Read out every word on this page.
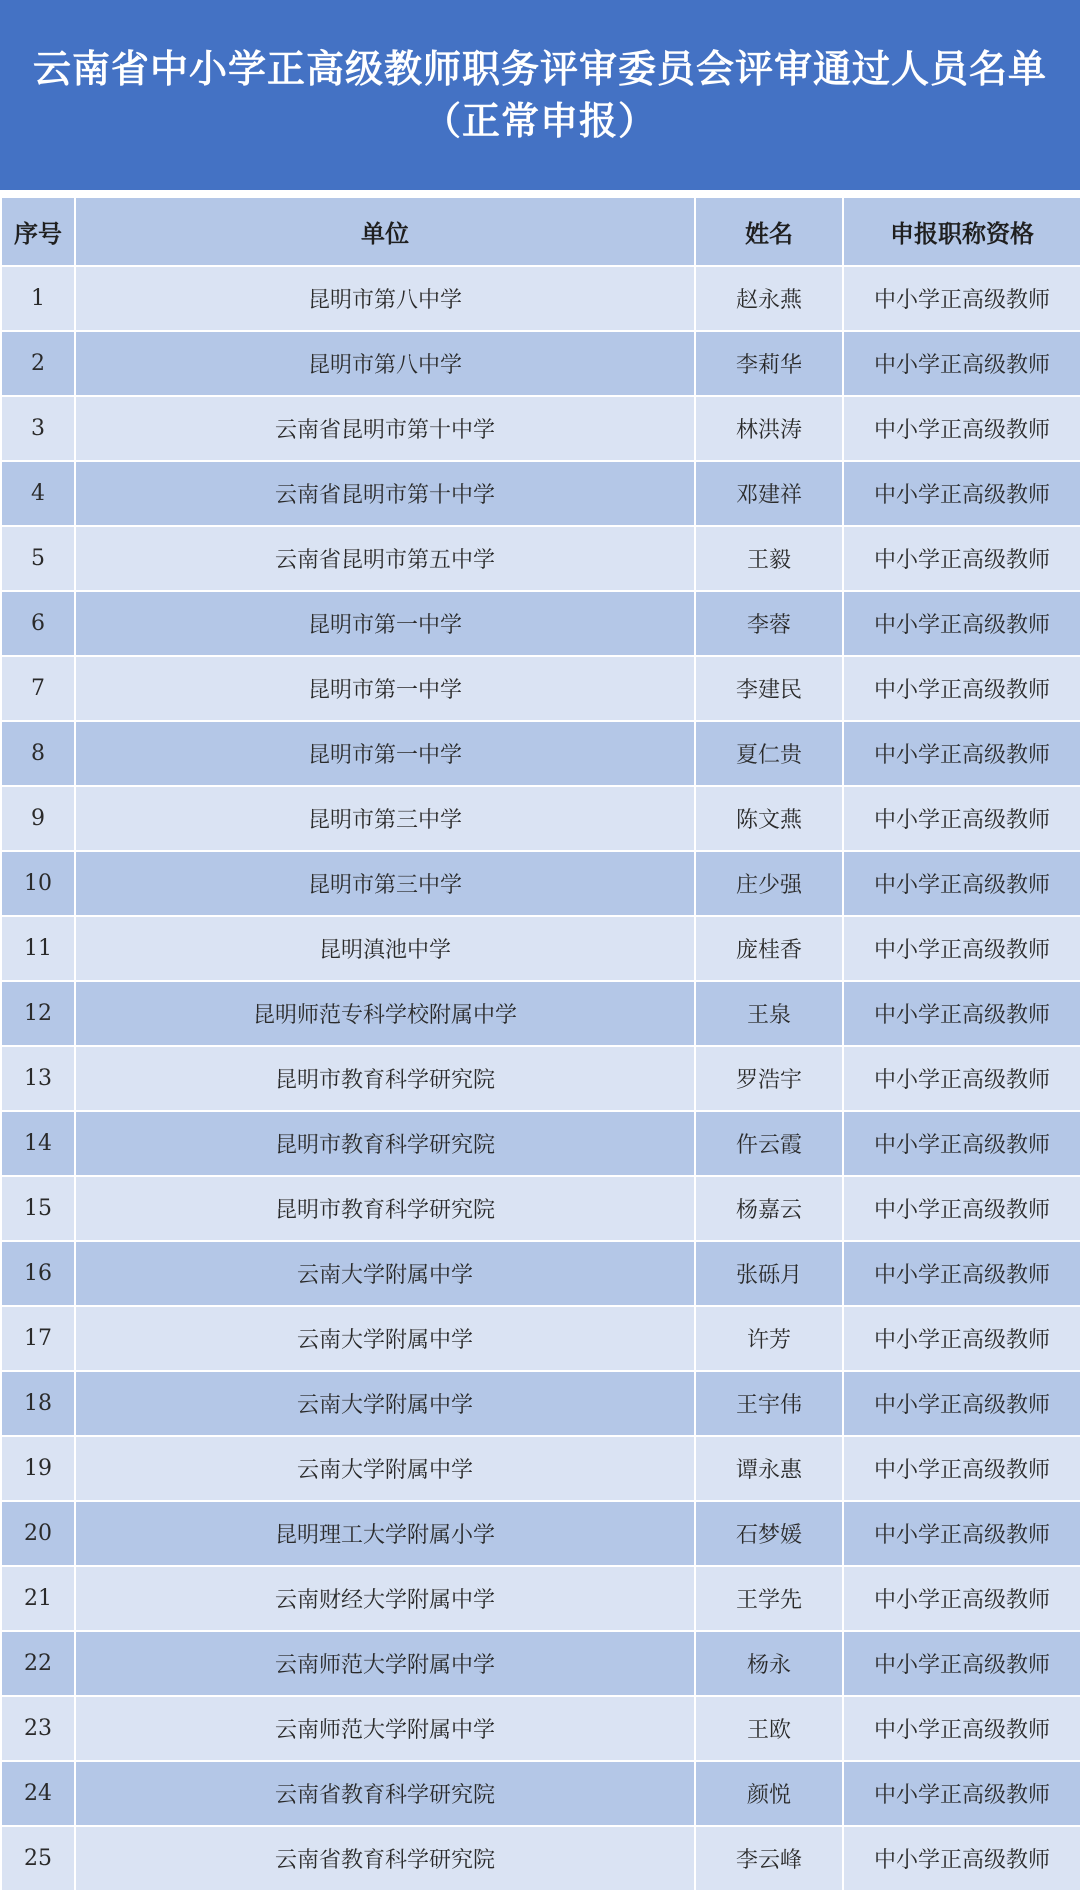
云南省中小学正高级教师职务评审委员会评审通过人员名单
（正常申报）
序号	单位	姓名	申报职称资格
1	昆明市第八中学	赵永燕	中小学正高级教师
2	昆明市第八中学	李莉华	中小学正高级教师
3	云南省昆明市第十中学	林洪涛	中小学正高级教师
4	云南省昆明市第十中学	邓建祥	中小学正高级教师
5	云南省昆明市第五中学	王毅	中小学正高级教师
6	昆明市第一中学	李蓉	中小学正高级教师
7	昆明市第一中学	李建民	中小学正高级教师
8	昆明市第一中学	夏仁贵	中小学正高级教师
9	昆明市第三中学	陈文燕	中小学正高级教师
10	昆明市第三中学	庄少强	中小学正高级教师
11	昆明滇池中学	庞桂香	中小学正高级教师
12	昆明师范专科学校附属中学	王泉	中小学正高级教师
13	昆明市教育科学研究院	罗浩宇	中小学正高级教师
14	昆明市教育科学研究院	仵云霞	中小学正高级教师
15	昆明市教育科学研究院	杨嘉云	中小学正高级教师
16	云南大学附属中学	张砾月	中小学正高级教师
17	云南大学附属中学	许芳	中小学正高级教师
18	云南大学附属中学	王宇伟	中小学正高级教师
19	云南大学附属中学	谭永惠	中小学正高级教师
20	昆明理工大学附属小学	石梦媛	中小学正高级教师
21	云南财经大学附属中学	王学先	中小学正高级教师
22	云南师范大学附属中学	杨永	中小学正高级教师
23	云南师范大学附属中学	王欧	中小学正高级教师
24	云南省教育科学研究院	颜悦	中小学正高级教师
25	云南省教育科学研究院	李云峰	中小学正高级教师
